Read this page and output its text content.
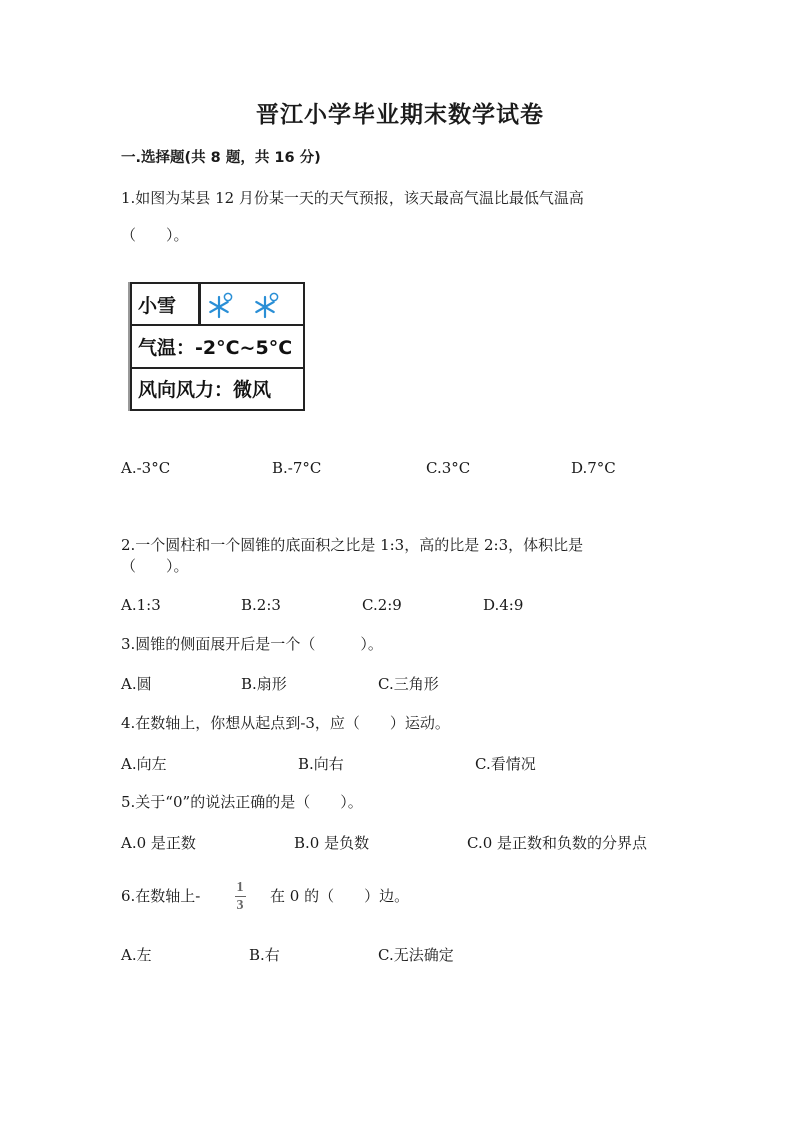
晋江小学毕业期末数学试卷
一.选择题(共 8 题，共 16 分)
1.如图为某县 12 月份某一天的天气预报，该天最高气温比最低气温高
（　　）。
小雪
气温：-2°C~5°C
风向风力：微风
A.-3°C	B.-7°C	C.3°C	D.7°C
2.一个圆柱和一个圆锥的底面积之比是 1:3，高的比是 2:3，体积比是
（　　）。
A.1:3	B.2:3	C.2:9	D.4:9
3.圆锥的侧面展开后是一个（　　　）。
A.圆	B.扇形	C.三角形
4.在数轴上，你想从起点到-3，应（　　）运动。
A.向左	B.向右	C.看情况
5.关于“0”的说法正确的是（　　）。
A.0 是正数	B.0 是负数	C.0 是正数和负数的分界点
6.在数轴上-	1
3
在 0 的（　　）边。
A.左	B.右	C.无法确定
